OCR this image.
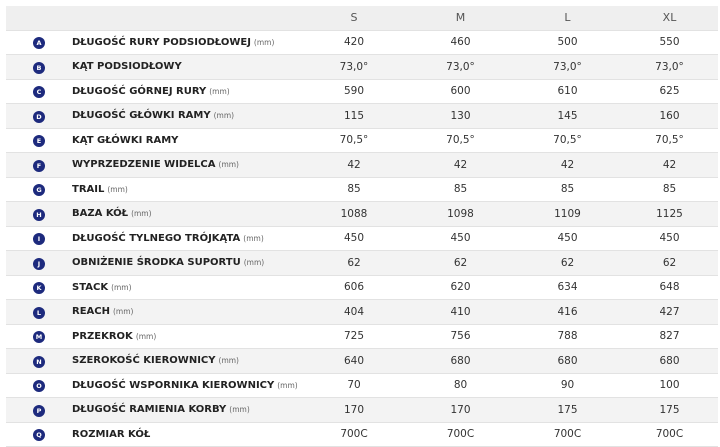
		S	M	L	XL
A	DŁUGOŚĆ RURY PODSIODŁOWEJ (mm)	420	460	500	550
B	KĄT PODSIODŁOWY	73,0°	73,0°	73,0°	73,0°
C	DŁUGOŚĆ GÓRNEJ RURY (mm)	590	600	610	625
D	DŁUGOŚĆ GŁÓWKI RAMY (mm)	115	130	145	160
E	KĄT GŁÓWKI RAMY	70,5°	70,5°	70,5°	70,5°
F	WYPRZEDZENIE WIDELCA (mm)	42	42	42	42
G	TRAIL (mm)	85	85	85	85
H	BAZA KÓŁ (mm)	1088	1098	1109	1125
I	DŁUGOŚĆ TYLNEGO TRÓJKĄTA (mm)	450	450	450	450
J	OBNIŻENIE ŚRODKA SUPORTU (mm)	62	62	62	62
K	STACK (mm)	606	620	634	648
L	REACH (mm)	404	410	416	427
M	PRZEKROK (mm)	725	756	788	827
N	SZEROKOŚĆ KIEROWNICY (mm)	640	680	680	680
O	DŁUGOŚĆ WSPORNIKA KIEROWNICY (mm)	70	80	90	100
P	DŁUGOŚĆ RAMIENIA KORBY (mm)	170	170	175	175
Q	ROZMIAR KÓŁ	700C	700C	700C	700C
